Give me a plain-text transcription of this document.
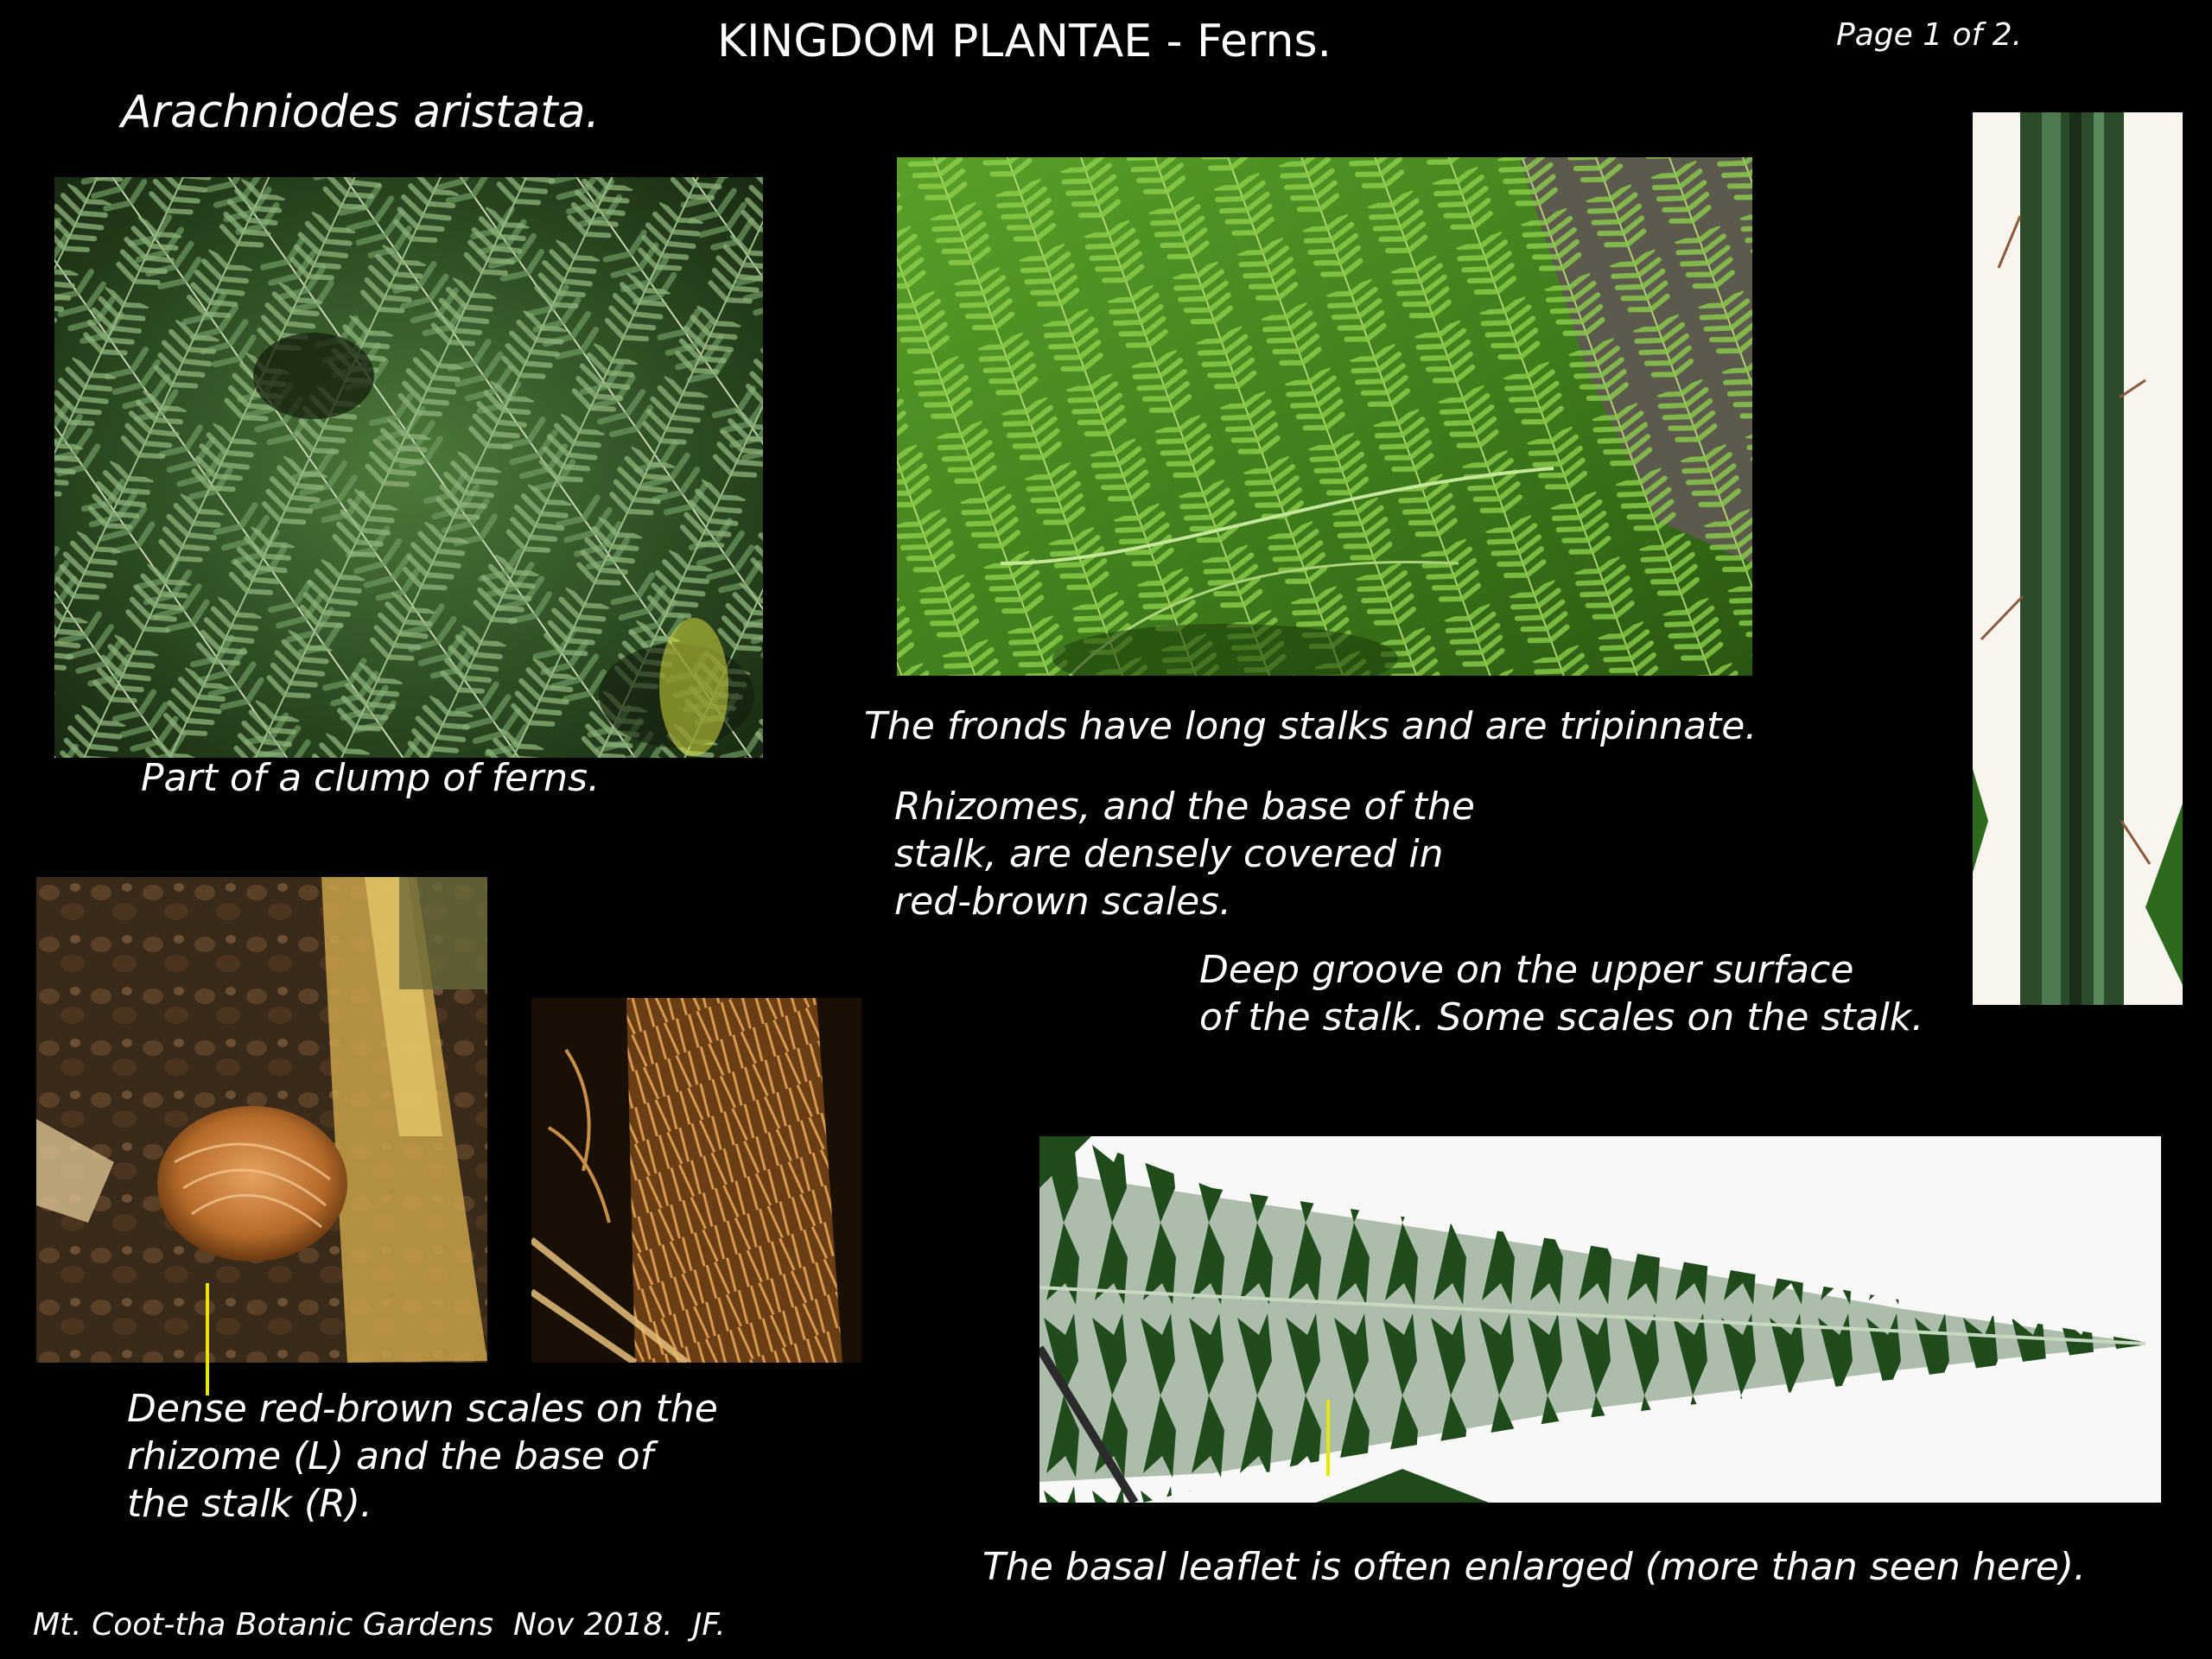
KINGDOM PLANTAE - Ferns.	Page 1 of 2.
Arachniodes aristata.
Part of a clump of ferns.
The fronds have long stalks and are tripinnate.
Rhizomes, and the base of the
stalk, are densely covered in
red-brown scales.
Deep groove on the upper surface
of the stalk. Some scales on the stalk.
Dense red-brown scales on the
rhizome (L) and the base of
the stalk (R).
The basal leaflet is often enlarged (more than seen here).
Mt. Coot-tha Botanic Gardens  Nov 2018.  JF.
